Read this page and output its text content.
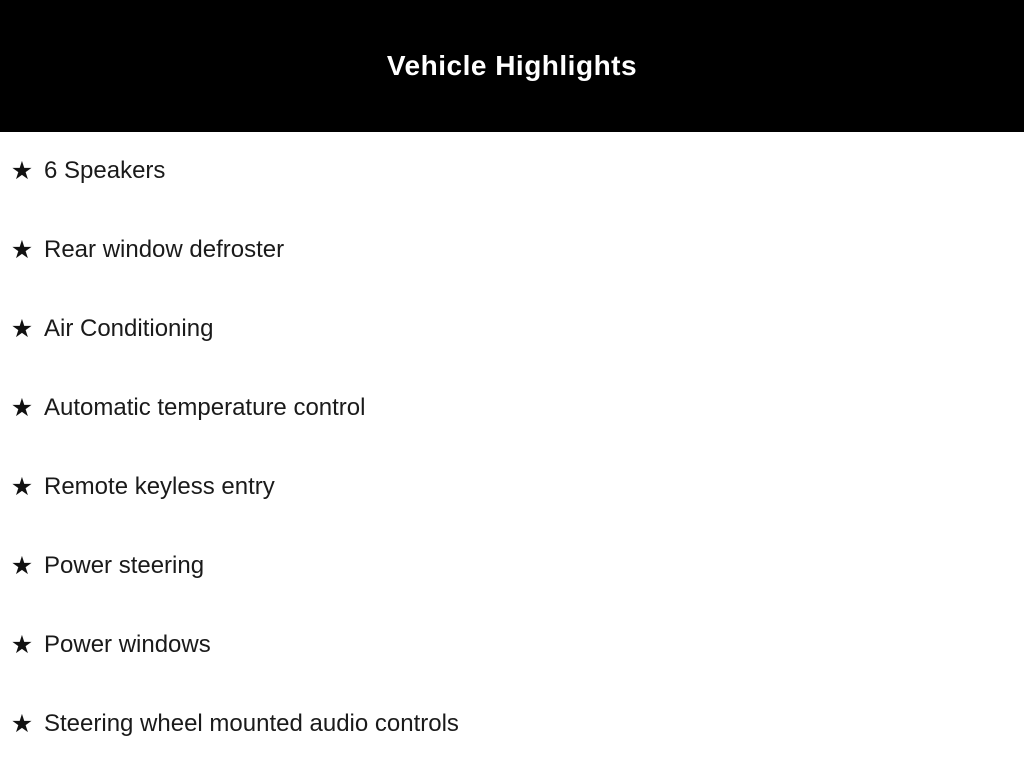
Vehicle Highlights
★ 6 Speakers
★ Rear window defroster
★ Air Conditioning
★ Automatic temperature control
★ Remote keyless entry
★ Power steering
★ Power windows
★ Steering wheel mounted audio controls
